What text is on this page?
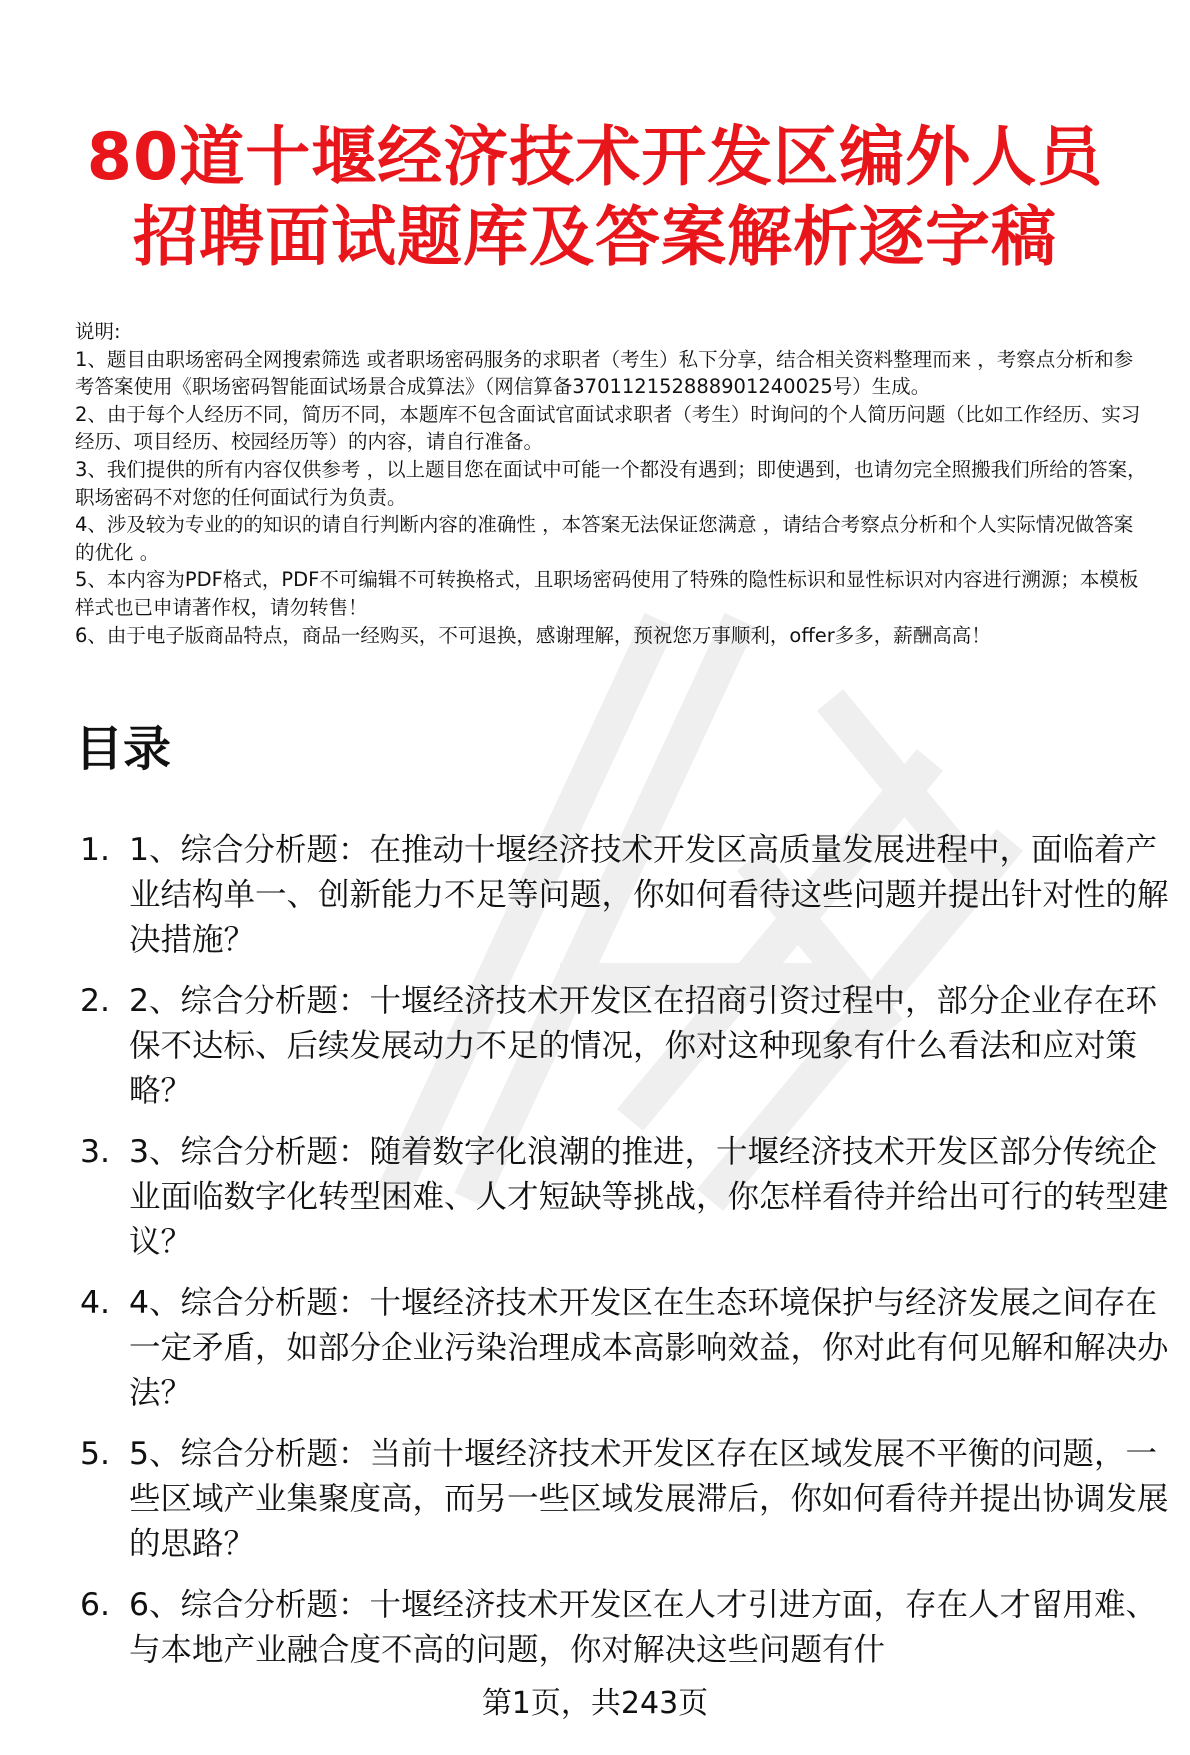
80道十堰经济技术开发区编外人员
招聘面试题库及答案解析逐字稿

说明:

1、题目由职场密码全网搜索筛选 或者职场密码服务的求职者（考生）私下分享，结合相关资料整理而来 ，考察点分析和参考答案使用《职场密码智能面试场景合成算法》（网信算备370112152888901240025号）生成。

2、由于每个人经历不同，简历不同，本题库不包含面试官面试求职者（考生）时询问的个人简历问题（比如工作经历、实习经历、项目经历、校园经历等）的内容，请自行准备。

3、我们提供的所有内容仅供参考 ，以上题目您在面试中可能一个都没有遇到；即使遇到，也请勿完全照搬我们所给的答案，职场密码不对您的任何面试行为负责。

4、涉及较为专业的的知识的请自行判断内容的准确性 ，本答案无法保证您满意 ，请结合考察点分析和个人实际情况做答案的优化 。

5、本内容为PDF格式，PDF不可编辑不可转换格式，且职场密码使用了特殊的隐性标识和显性标识对内容进行溯源；本模板样式也已申请著作权，请勿转售！

6、由于电子版商品特点，商品一经购买，不可退换，感谢理解，预祝您万事顺利，offer多多，薪酬高高！

目录
1. 1、综合分析题：在推动十堰经济技术开发区高质量发展进程中，面临着产业结构单一、创新能力不足等问题，你如何看待这些问题并提出针对性的解决措施？
2. 2、综合分析题：十堰经济技术开发区在招商引资过程中，部分企业存在环保不达标、后续发展动力不足的情况，你对这种现象有什么看法和应对策略？
3. 3、综合分析题：随着数字化浪潮的推进，十堰经济技术开发区部分传统企业面临数字化转型困难、人才短缺等挑战，你怎样看待并给出可行的转型建议？
4. 4、综合分析题：十堰经济技术开发区在生态环境保护与经济发展之间存在一定矛盾，如部分企业污染治理成本高影响效益，你对此有何见解和解决办法？
5. 5、综合分析题：当前十堰经济技术开发区存在区域发展不平衡的问题，一些区域产业集聚度高，而另一些区域发展滞后，你如何看待并提出协调发展的思路？
6. 6、综合分析题：十堰经济技术开发区在人才引进方面，存在人才留用难、与本地产业融合度不高的问题，你对解决这些问题有什
第1页，共243页
